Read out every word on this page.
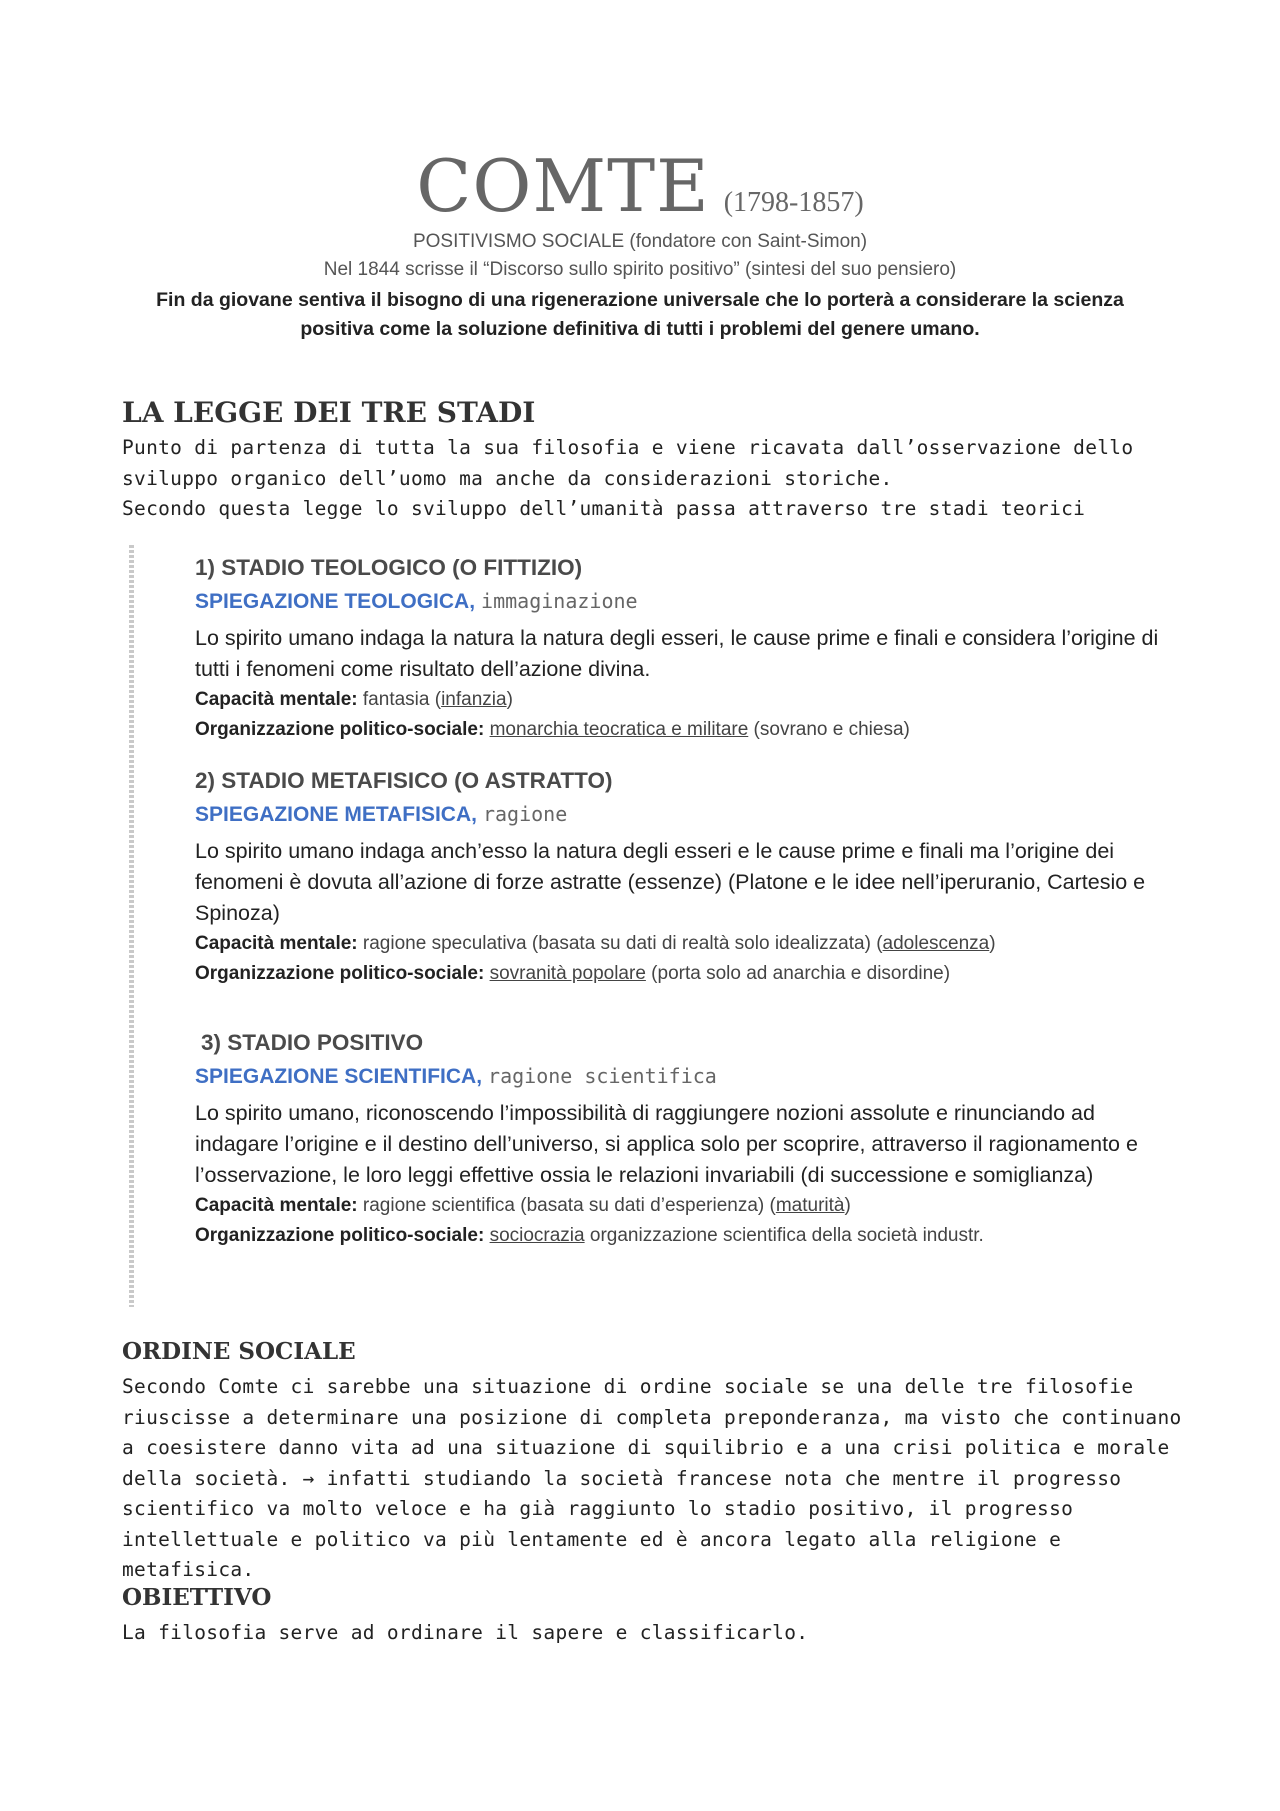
COMTE (1798-1857)
POSITIVISMO SOCIALE (fondatore con Saint-Simon)
Nel 1844 scrisse il “Discorso sullo spirito positivo” (sintesi del suo pensiero)
Fin da giovane sentiva il bisogno di una rigenerazione universale che lo porterà a considerare la scienza positiva come la soluzione definitiva di tutti i problemi del genere umano.
LA LEGGE DEI TRE STADI
Punto di partenza di tutta la sua filosofia e viene ricavata dall’osservazione dello sviluppo organico dell’uomo ma anche da considerazioni storiche.
Secondo questa legge lo sviluppo dell’umanità passa attraverso tre stadi teorici
1) STADIO TEOLOGICO (O FITTIZIO)
SPIEGAZIONE TEOLOGICA, immaginazione
Lo spirito umano indaga la natura la natura degli esseri, le cause prime e finali e considera l’origine di tutti i fenomeni come risultato dell’azione divina.
Capacità mentale: fantasia (infanzia)
Organizzazione politico-sociale: monarchia teocratica e militare (sovrano e chiesa)
2) STADIO METAFISICO (O ASTRATTO)
SPIEGAZIONE METAFISICA, ragione
Lo spirito umano indaga anch’esso la natura degli esseri e le cause prime e finali ma l’origine dei fenomeni è dovuta all’azione di forze astratte (essenze) (Platone e le idee nell’iperuranio, Cartesio e Spinoza)
Capacità mentale: ragione speculativa (basata su dati di realtà solo idealizzata) (adolescenza)
Organizzazione politico-sociale: sovranità popolare (porta solo ad anarchia e disordine)
3) STADIO POSITIVO
SPIEGAZIONE SCIENTIFICA, ragione scientifica
Lo spirito umano, riconoscendo l’impossibilità di raggiungere nozioni assolute e rinunciando ad indagare l’origine e il destino dell’universo, si applica solo per scoprire, attraverso il ragionamento e l’osservazione, le loro leggi effettive ossia le relazioni invariabili (di successione e somiglianza)
Capacità mentale: ragione scientifica (basata su dati d’esperienza) (maturità)
Organizzazione politico-sociale: sociocrazia organizzazione scientifica della società industr.
ORDINE SOCIALE
Secondo Comte ci sarebbe una situazione di ordine sociale se una delle tre filosofie riuscisse a determinare una posizione di completa preponderanza, ma visto che continuano a coesistere danno vita ad una situazione di squilibrio e a una crisi politica e morale della società. → infatti studiando la società francese nota che mentre il progresso scientifico va molto veloce e ha già raggiunto lo stadio positivo, il progresso intellettuale e politico va più lentamente ed è ancora legato alla religione e metafisica.
OBIETTIVO
La filosofia serve ad ordinare il sapere e classificarlo.
